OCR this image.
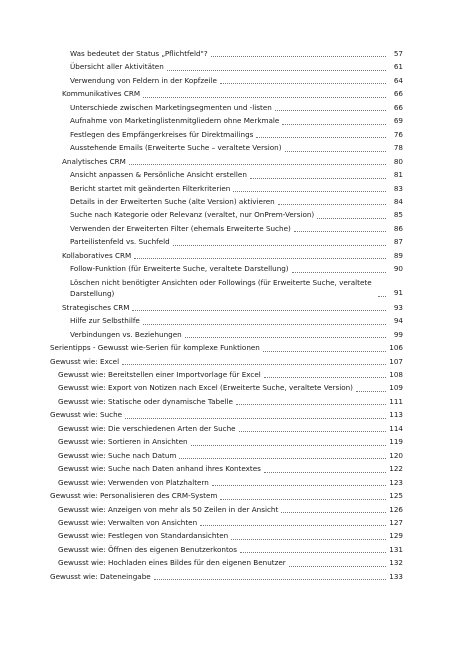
Was bedeutet der Status „Pflichtfeld"?	57
Übersicht aller Aktivitäten	61
Verwendung von Feldern in der Kopfzeile	64
Kommunikatives CRM	66
Unterschiede zwischen Marketingsegmenten und -listen	66
Aufnahme von Marketinglistenmitgliedern ohne Merkmale	69
Festlegen des Empfängerkreises für Direktmailings	76
Ausstehende Emails (Erweiterte Suche – veraltete Version)	78
Analytisches CRM	80
Ansicht anpassen & Persönliche Ansicht erstellen	81
Bericht startet mit geänderten Filterkriterien	83
Details in der Erweiterten Suche (alte Version) aktivieren	84
Suche nach Kategorie oder Relevanz (veraltet, nur OnPrem-Version)	85
Verwenden der Erweiterten Filter (ehemals Erweiterte Suche)	86
Parteilistenfeld vs. Suchfeld	87
Kollaboratives CRM	89
Follow-Funktion (für Erweiterte Suche, veraltete Darstellung)	90
Löschen nicht benötigter Ansichten oder Followings (für Erweiterte Suche, veraltete Darstellung)	91
Strategisches CRM	93
Hilfe zur Selbsthilfe	94
Verbindungen vs. Beziehungen	99
Serientipps - Gewusst wie-Serien für komplexe Funktionen	106
Gewusst wie: Excel	107
Gewusst wie: Bereitstellen einer Importvorlage für Excel	108
Gewusst wie: Export von Notizen nach Excel (Erweiterte Suche, veraltete Version)	109
Gewusst wie: Statische oder dynamische Tabelle	111
Gewusst wie: Suche	113
Gewusst wie: Die verschiedenen Arten der Suche	114
Gewusst wie: Sortieren in Ansichten	119
Gewusst wie: Suche nach Datum	120
Gewusst wie: Suche nach Daten anhand ihres Kontextes	122
Gewusst wie: Verwenden von Platzhaltern	123
Gewusst wie: Personalisieren des CRM-System	125
Gewusst wie: Anzeigen von mehr als 50 Zeilen in der Ansicht	126
Gewusst wie: Verwalten von Ansichten	127
Gewusst wie: Festlegen von Standardansichten	129
Gewusst wie: Öffnen des eigenen Benutzerkontos	131
Gewusst wie: Hochladen eines Bildes für den eigenen Benutzer	132
Gewusst wie: Dateneingabe	133
